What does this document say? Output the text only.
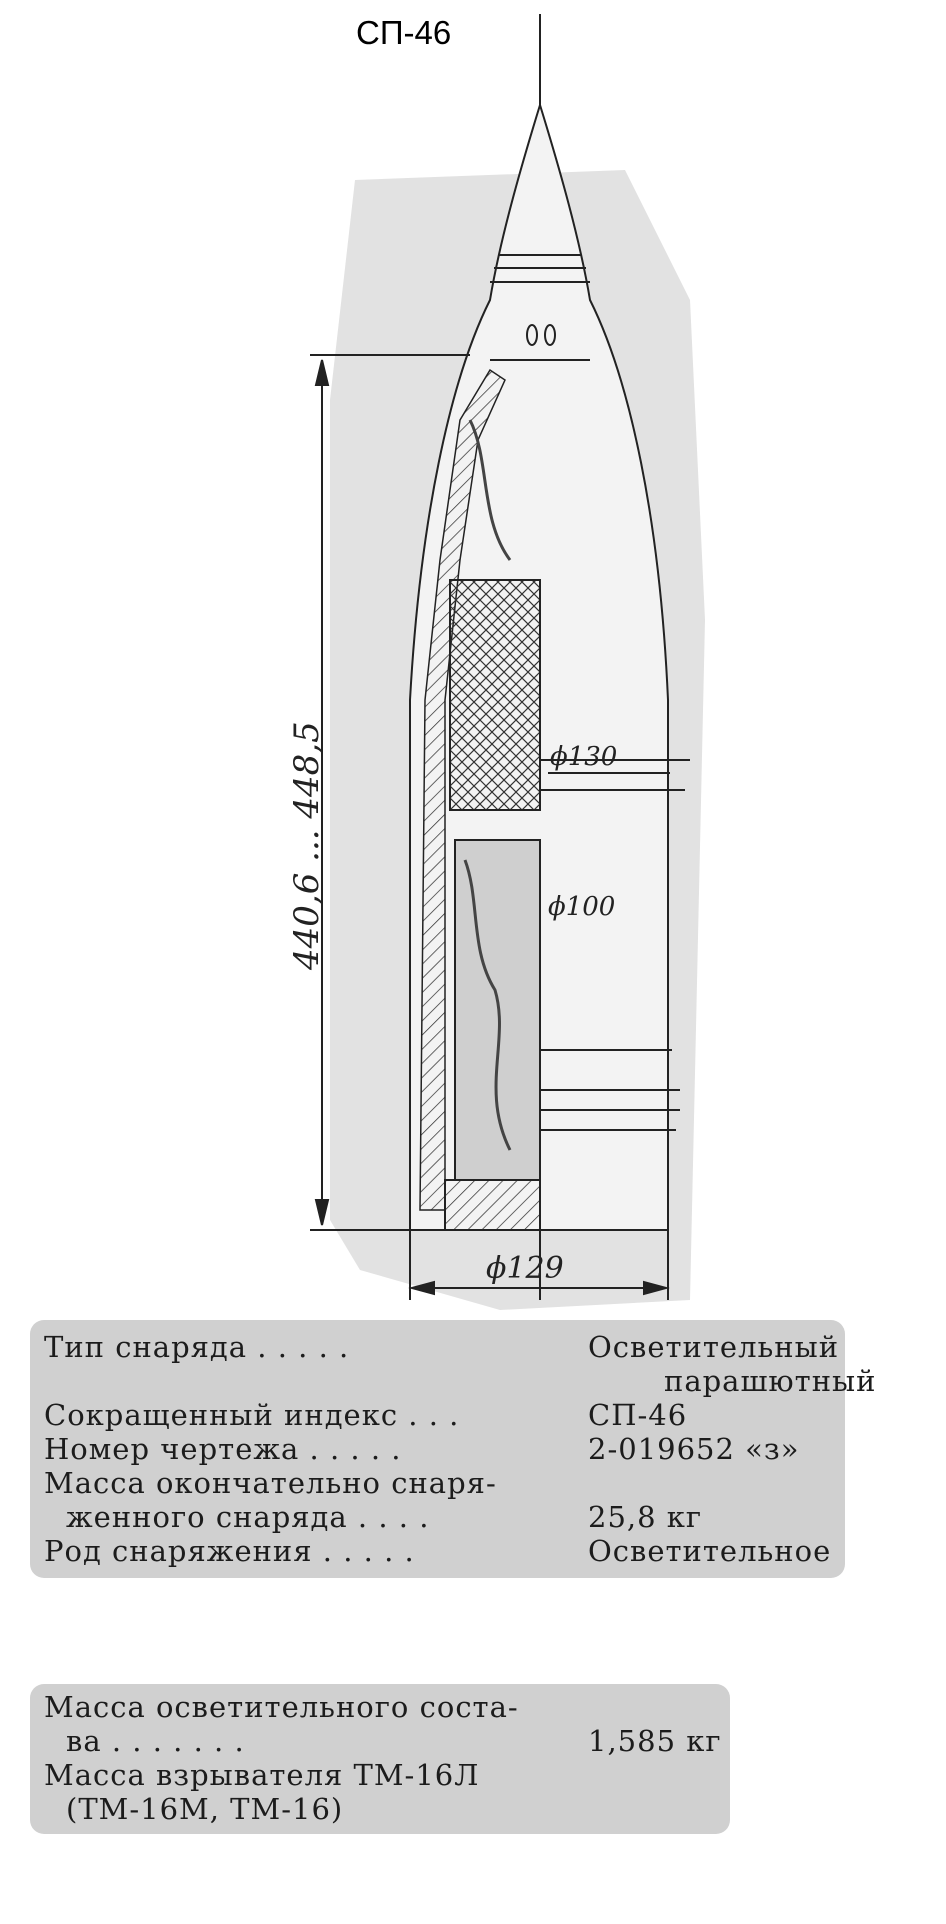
СП-46
440,6 ... 448,5	ϕ130
ϕ100
ϕ129
Тип снаряда . . . . .	Осветительный
парашютный
Сокращенный индекс . . .	СП-46
Номер чертежа . . . . .	2-019652 «з»
Масса окончательно снаря-
женного снаряда . . . .	25,8 кг
Род снаряжения . . . . .	Осветительное
Масса осветительного соста-
ва . . . . . . .	1,585 кг
Масса взрывателя ТМ-16Л
(ТМ-16М, ТМ-16)
